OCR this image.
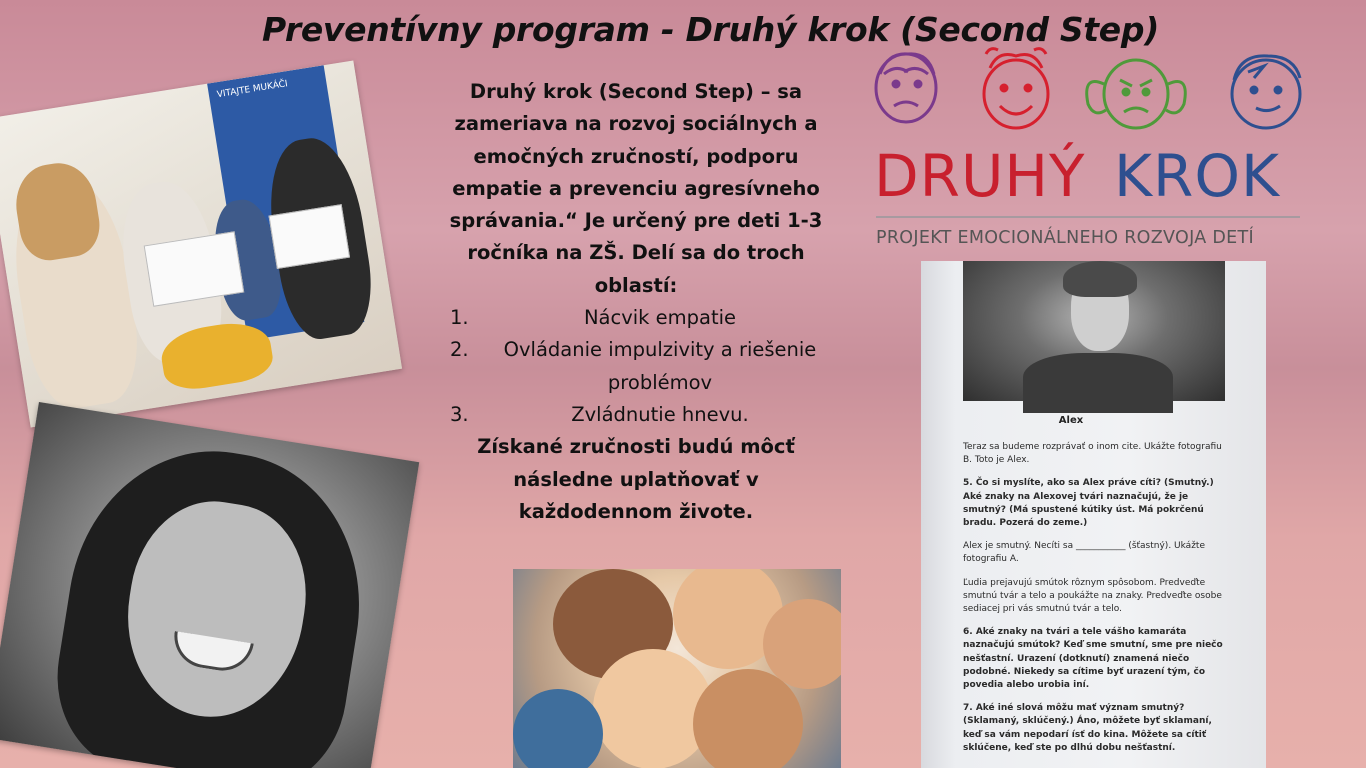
Preventívny program - Druhý krok (Second Step)
VITAJTE MUKÁČI	Druhý krok (Second Step) – sa zameriava na rozvoj sociálnych a emočných zručností, podporu empatie a prevenciu agresívneho správania.“ Je určený pre deti 1-3 ročníka na ZŠ. Delí sa do troch oblastí:
1.	Nácvik empatie
2.	Ovládanie impulzivity a riešenie problémov
3.	Zvládnutie hnevu.
Získané zručnosti budú môcť následne uplatňovať v každodennom živote.
DRUHÝ KROK
PROJEKT EMOCIONÁLNEHO ROZVOJA DETÍ
Alex

Teraz sa budeme rozprávať o inom cite. Ukážte fotografiu B. Toto je Alex.

5. Čo si myslíte, ako sa Alex práve cíti? (Smutný.) Aké znaky na Alexovej tvári naznačujú, že je smutný? (Má spustené kútiky úst. Má pokrčenú bradu. Pozerá do zeme.)

Alex je smutný. Necíti sa ___________ (šťastný). Ukážte fotografiu A.

Ľudia prejavujú smútok rôznym spôsobom. Predveďte smutnú tvár a telo a poukážte na znaky. Predveďte osobe sediacej pri vás smutnú tvár a telo.

6. Aké znaky na tvári a tele vášho kamaráta naznačujú smútok? Keď sme smutní, sme pre niečo nešťastní. Urazení (dotknutí) znamená niečo podobné. Niekedy sa cítime byť urazení tým, čo povedia alebo urobia iní.

7. Aké iné slová môžu mať význam smutný? (Sklamaný, sklúčený.) Áno, môžete byť sklamaní, keď sa vám nepodarí ísť do kina. Môžete sa cítiť sklúčene, keď ste po dlhú dobu nešťastní.
